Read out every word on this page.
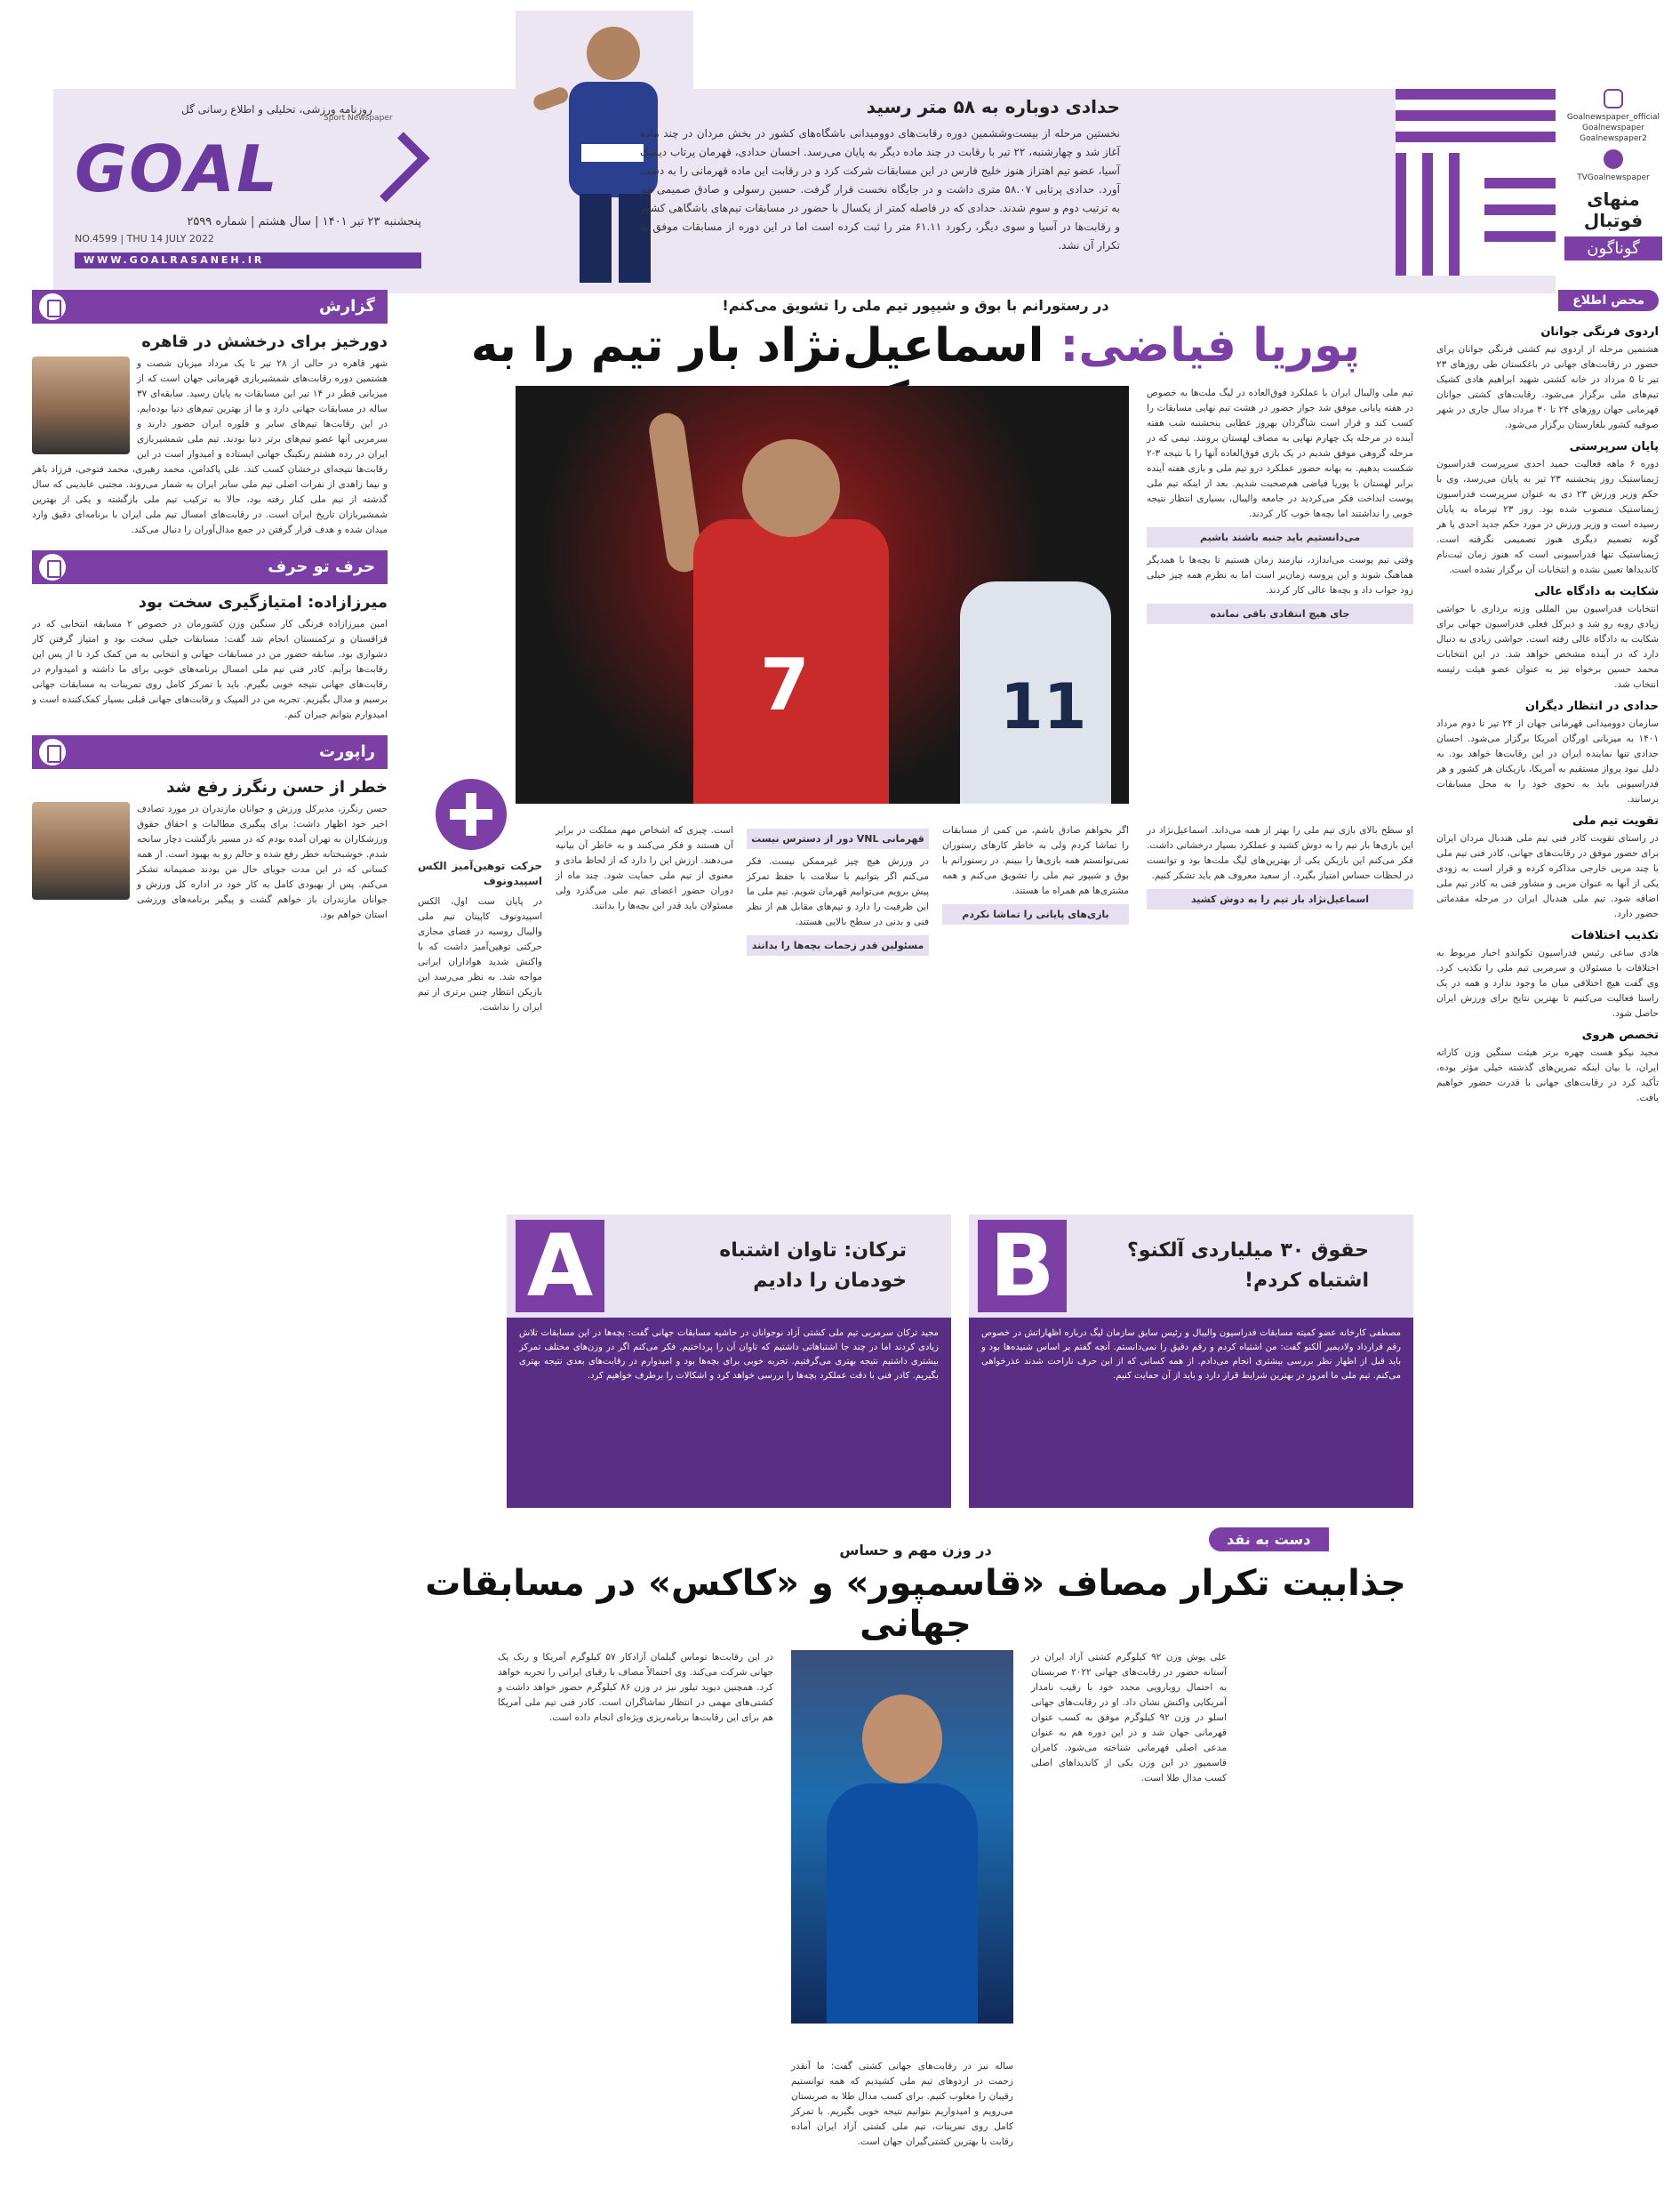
روزنامه ورزشی، تحلیلی و اطلاع رسانی گل
Sport Newspaper
GOAL
پنجشنبه ۲۳ تیر ۱۴۰۱ | سال هشتم | شماره ۲۵۹۹
NO.4599 | THU 14 JULY 2022
WWW.GOALRASANEH.IR
حدادی دوباره به ۵۸ متر رسید

نخستین مرحله از بیست‌وششمین دوره رقابت‌های دوومیدانی باشگاه‌های کشور در بخش مردان در چند ماده آغاز شد و چهارشنبه، ۲۲ تیر با رقابت در چند ماده دیگر به پایان می‌رسد. احسان حدادی، قهرمان پرتاب دیسک آسیا، عضو تیم اهتزاز هنوز خلیج فارس در این مسابقات شرکت کرد و در رقابت این ماده قهرمانی را به دست آورد. حدادی پرتابی ۵۸.۰۷ متری داشت و در جایگاه نخست قرار گرفت. حسین رسولی و صادق صمیمی هم به ترتیب دوم و سوم شدند. حدادی که در فاصله کمتر از یکسال با حضور در مسابقات تیم‌های باشگاهی کشور و رقابت‌ها در آسیا و سوی دیگر، رکورد ۶۱.۱۱ متر را ثبت کرده است اما در این دوره از مسابقات موفق به تکرار آن نشد.

Goalnewspaper_official
Goalnewspaper
Goalnewspaper2
TVGoalnewspaper
منهای فوتبال
گوناگون
محض اطلاع
اردوی فرنگی جوانان

هشتمین مرحله از اردوی تیم کشتی فرنگی جوانان برای حضور در رقابت‌های جهانی در باغکستان طی روزهای ۲۳ تیر تا ۵ مرداد در خانه کشتی شهید ابراهیم هادی کشیک تیم‌های ملی برگزار می‌شود. رقابت‌های کشتی جوانان قهرمانی جهان روزهای ۲۴ تا ۳۰ مرداد سال جاری در شهر صوفیه کشور بلغارستان برگزار می‌شود.

پایان سرپرستی

دوره ۶ ماهه فعالیت حمید احدی سرپرست فدراسیون ژیمناستیک روز پنجشنبه ۲۳ تیر به پایان می‌رسد، وی با حکم وزیر ورزش ۲۳ دی به عنوان سرپرست فدراسیون ژیمناستیک منصوب شده بود. روز ۲۳ تیرماه به پایان رسیده است و وزیر ورزش در مورد حکم جدید احدی یا هر گونه تصمیم دیگری هنوز تصمیمی نگرفته است. ژیمناستیک تنها فدراسیونی است که هنوز زمان ثبت‌نام کاندیداها تعیین نشده و انتخابات آن برگزار نشده است.

شکایت به دادگاه عالی

انتخابات فدراسیون بین المللی وزنه برداری با حواشی زیادی روبه رو شد و دیرکل فعلی فدراسیون جهانی برای شکایت به دادگاه عالی رفته است. حواشی زیادی به دنبال دارد که در آینده مشخص خواهد شد. در این انتخابات محمد حسین برخواه نیز به عنوان عضو هیئت رئیسه انتخاب شد.

حدادی در انتظار دیگران

سازمان دوومیدانی قهرمانی جهان از ۲۴ تیر تا دوم مرداد ۱۴۰۱ به میزبانی اورگان آمریکا برگزار می‌شود. احسان حدادی تنها نماینده ایران در این رقابت‌ها خواهد بود. به دلیل نبود پرواز مستقیم به آمریکا، بازیکنان هر کشور و هر فدراسیونی باید به نحوی خود را به محل مسابقات برسانند.

تقویت تیم ملی

در راستای تقویت کادر فنی تیم ملی هندبال مردان ایران برای حضور موفق در رقابت‌های جهانی، کادر فنی تیم ملی با چند مربی خارجی مذاکره کرده و قرار است به زودی یکی از آنها به عنوان مربی و مشاور فنی به کادر تیم ملی اضافه شود. تیم ملی هندبال ایران در مرحله مقدماتی حضور دارد.

تکذیب اختلافات

هادی ساعی رئیس فدراسیون تکواندو اخبار مربوط به اختلافات با مسئولان و سرمربی تیم ملی را تکذیب کرد. وی گفت هیچ اختلافی میان ما وجود ندارد و همه در یک راستا فعالیت می‌کنیم تا بهترین نتایج برای ورزش ایران حاصل شود.

تخصص هروی

مجید نیکو هست چهره برتر هیئت سنگین وزن کاراته ایران، با بیان اینکه تمرین‌های گذشته خیلی مؤثر بوده، تأکید کرد در رقابت‌های جهانی با قدرت حضور خواهیم یافت.

گزارش
دورخیز برای درخشش در قاهره

شهر قاهره در حالی از ۲۸ تیر تا یک مرداد میزبان شصت و هشتمین دوره رقابت‌های شمشیربازی قهرمانی جهان است که از میزبانی قطر در ۱۴ تیر این مسابقات به پایان رسید. سابقه‌ای ۳۷ ساله در مسابقات جهانی دارد و ما از بهترین تیم‌های دنیا بوده‌ایم. در این رقابت‌ها تیم‌های سابر و فلوره ایران حضور دارند و سرمربی آنها عضو تیم‌های برتر دنیا بودند. تیم ملی شمشیربازی ایران در رده هشتم رنکینگ جهانی ایستاده و امیدوار است در این رقابت‌ها نتیجه‌ای درخشان کسب کند. علی پاکدامن، محمد رهبری، محمد فتوحی، فرزاد باهر و نیما زاهدی از نفرات اصلی تیم ملی سابر ایران به شمار می‌روند. مجتبی عابدینی که سال گذشته از تیم ملی کنار رفته بود، حالا به ترکیب تیم ملی بازگشته و یکی از بهترین شمشیربازان تاریخ ایران است. در رقابت‌های امسال تیم ملی ایران با برنامه‌ای دقیق وارد میدان شده و هدف قرار گرفتن در جمع مدال‌آوران را دنبال می‌کند.

حرف تو حرف
میرزازاده: امتیازگیری سخت بود

امین میرزازاده فرنگی کار سنگین وزن کشورمان در خصوص ۲ مسابقه انتخابی که در قزاقستان و ترکمنستان انجام شد گفت: مسابقات خیلی سخت بود و امتیاز گرفتن کار دشواری بود. سابقه حضور من در مسابقات جهانی و انتخابی به من کمک کرد تا از پس این رقابت‌ها برآیم. کادر فنی تیم ملی امسال برنامه‌های خوبی برای ما داشته و امیدوارم در رقابت‌های جهانی نتیجه خوبی بگیرم. باید با تمرکز کامل روی تمرینات به مسابقات جهانی برسیم و مدال بگیریم. تجربه من در المپیک و رقابت‌های جهانی قبلی بسیار کمک‌کننده است و امیدوارم بتوانم جبران کنم.

راپورت
خطر از حسن رنگرز رفع شد

حسن رنگرز، مدیرکل ورزش و جوانان مازندران در مورد تصادف اخیر خود اظهار داشت: برای پیگیری مطالبات و احقاق حقوق ورزشکاران به تهران آمده بودم که در مسیر بازگشت دچار سانحه شدم. خوشبختانه خطر رفع شده و حالم رو به بهبود است. از همه کسانی که در این مدت جویای حال من بودند صمیمانه تشکر می‌کنم. پس از بهبودی کامل به کار خود در اداره کل ورزش و جوانان مازندران باز خواهم گشت و پیگیر برنامه‌های ورزشی استان خواهم بود.

در رستورانم با بوق و شیپور تیم ملی را تشویق می‌کنم!
پوریا فیاضی: اسماعیل‌نژاد بار تیم را به
7	11

تیم ملی والیبال ایران با عملکرد فوق‌العاده در لیگ ملت‌ها به خصوص در هفته پایانی موفق شد جواز حضور در هشت تیم نهایی مسابقات را کسب کند و قرار است شاگردان بهروز عطایی پنجشنبه شب هفته آینده در مرحله یک چهارم نهایی به مصاف لهستان برونند. تیمی که در مرحله گروهی موفق شدیم در یک بازی فوق‌العاده آنها را با نتیجه ۳-۲ شکست بدهیم. به بهانه حضور عملکرد درو تیم ملی و بازی هفته آینده برابر لهستان با پوریا فیاضی هم‌صحبت شدیم. بعد از اینکه تیم ملی پوست انداخت فکر می‌کردید در جامعه والیبال، بسیاری انتظار نتیجه خوبی را نداشتند اما بچه‌ها خوب کار کردند.

می‌دانستیم باید جنبه باشند باشیم

وقتی تیم پوست می‌اندازد، نیازمند زمان هستیم تا بچه‌ها با همدیگر هماهنگ شوند و این پروسه زمان‌بر است اما به نظرم همه چیز خیلی زود جواب داد و بچه‌ها عالی کار کردند.

جای هیچ انتقادی باقی نمانده

او سطح بالای بازی تیم ملی را بهتر از همه می‌داند. اسماعیل‌نژاد در این بازی‌ها بار تیم را به دوش کشید و عملکرد بسیار درخشانی داشت. فکر می‌کنم این بازیکن یکی از بهترین‌های لیگ ملت‌ها بود و توانست در لحظات حساس امتیاز بگیرد. از سعید معروف هم باید تشکر کنیم.

اسماعیل‌نژاد بار تیم را به دوش کشید

اگر بخواهم صادق باشم، من کمی از مسابقات را تماشا کردم ولی به خاطر کارهای رستوران نمی‌توانستم همه بازی‌ها را ببینم. در رستورانم با بوق و شیپور تیم ملی را تشویق می‌کنم و همه مشتری‌ها هم همراه ما هستند.

بازی‌های پایانی را تماشا نکردم
قهرمانی VNL دور از دسترس نیست

در ورزش هیچ چیز غیرممکن نیست. فکر می‌کنم اگر بتوانیم با سلامت با حفظ تمرکز پیش برویم می‌توانیم قهرمان شویم. تیم ملی ما این ظرفیت را دارد و تیم‌های مقابل هم از نظر فنی و بدنی در سطح بالایی هستند.

مسئولین قدر زحمات بچه‌ها را بدانند

است. چیزی که اشخاص مهم مملکت در برابر آن هستند و فکر می‌کنند و به خاطر آن بیانیه می‌دهند. ارزش این را دارد که از لحاظ مادی و معنوی از تیم ملی حمایت شود. چند ماه از دوران حضور اعضای تیم ملی می‌گذرد ولی مسئولان باید قدر این بچه‌ها را بدانند.

حرکت توهین‌آمیز الکس اسپیدونوف

در پایان ست اول، الکس اسپیدونوف کاپیتان تیم ملی والیبال روسیه در فضای مجازی حرکتی توهین‌آمیز داشت که با واکنش شدید هواداران ایرانی مواجه شد. به نظر می‌رسد این بازیکن انتظار چنین برتری از تیم ایران را نداشت.

B	حقوق ۳۰ میلیاردی آلکنو؟ اشتباه کردم!

مصطفی کارخانه عضو کمیته مسابقات فدراسیون والیبال و رئیس سابق سازمان لیگ درباره اظهاراتش در خصوص رقم قرارداد ولادیمیر آلکنو گفت: من اشتباه کردم و رقم دقیق را نمی‌دانستم. آنچه گفتم بر اساس شنیده‌ها بود و باید قبل از اظهار نظر بررسی بیشتری انجام می‌دادم. از همه کسانی که از این حرف ناراحت شدند عذرخواهی می‌کنم. تیم ملی ما امروز در بهترین شرایط قرار دارد و باید از آن حمایت کنیم.

A	ترکان: تاوان اشتباه خودمان را دادیم

مجید ترکان سرمربی تیم ملی کشتی آزاد نوجوانان در حاشیه مسابقات جهانی گفت: بچه‌ها در این مسابقات تلاش زیادی کردند اما در چند جا اشتباهاتی داشتیم که تاوان آن را پرداختیم. فکر می‌کنم اگر در وزن‌های مختلف تمرکز بیشتری داشتیم نتیجه بهتری می‌گرفتیم. تجربه خوبی برای بچه‌ها بود و امیدوارم در رقابت‌های بعدی نتیجه بهتری بگیریم. کادر فنی با دقت عملکرد بچه‌ها را بررسی خواهد کرد و اشکالات را برطرف خواهیم کرد.

دست به نقد
در وزن مهم و حساس
جذابیت تکرار مصاف «قاسمپور» و «کاکس» در مسابقات جهانی

علی پوش وزن ۹۲ کیلوگرم کشتی آزاد ایران در آستانه حضور در رقابت‌های جهانی ۲۰۲۲ صربستان به احتمال روبارویی مجدد خود با رقیب نامدار آمریکایی واکنش نشان داد. او در رقابت‌های جهانی اسلو در وزن ۹۲ کیلوگرم موفق به کسب عنوان قهرمانی جهان شد و در این دوره هم به عنوان مدعی اصلی قهرمانی شناخته می‌شود. کامران قاسمپور در این وزن یکی از کاندیداهای اصلی کسب مدال طلا است.

ساله نیز در رقابت‌های جهانی کشتی گفت: ما آنقدر زحمت در اردوهای تیم ملی کشیدیم که همه توانستیم رقیبان را مغلوب کنیم. برای کسب مدال طلا به صربستان می‌رویم و امیدواریم بتوانیم نتیجه خوبی بگیریم. با تمرکز کامل روی تمرینات، تیم ملی کشتی آزاد ایران آماده رقابت با بهترین کشتی‌گیران جهان است.

در این رقابت‌ها توماس گیلمان آزادکار ۵۷ کیلوگرم آمریکا و رنک یک جهانی شرکت می‌کند. وی احتمالاً مصاف با رقبای ایرانی را تجربه خواهد کرد. همچنین دیوید تیلور نیز در وزن ۸۶ کیلوگرم حضور خواهد داشت و کشتی‌های مهمی در انتظار تماشاگران است. کادر فنی تیم ملی آمریکا هم برای این رقابت‌ها برنامه‌ریزی ویژه‌ای انجام داده است.
